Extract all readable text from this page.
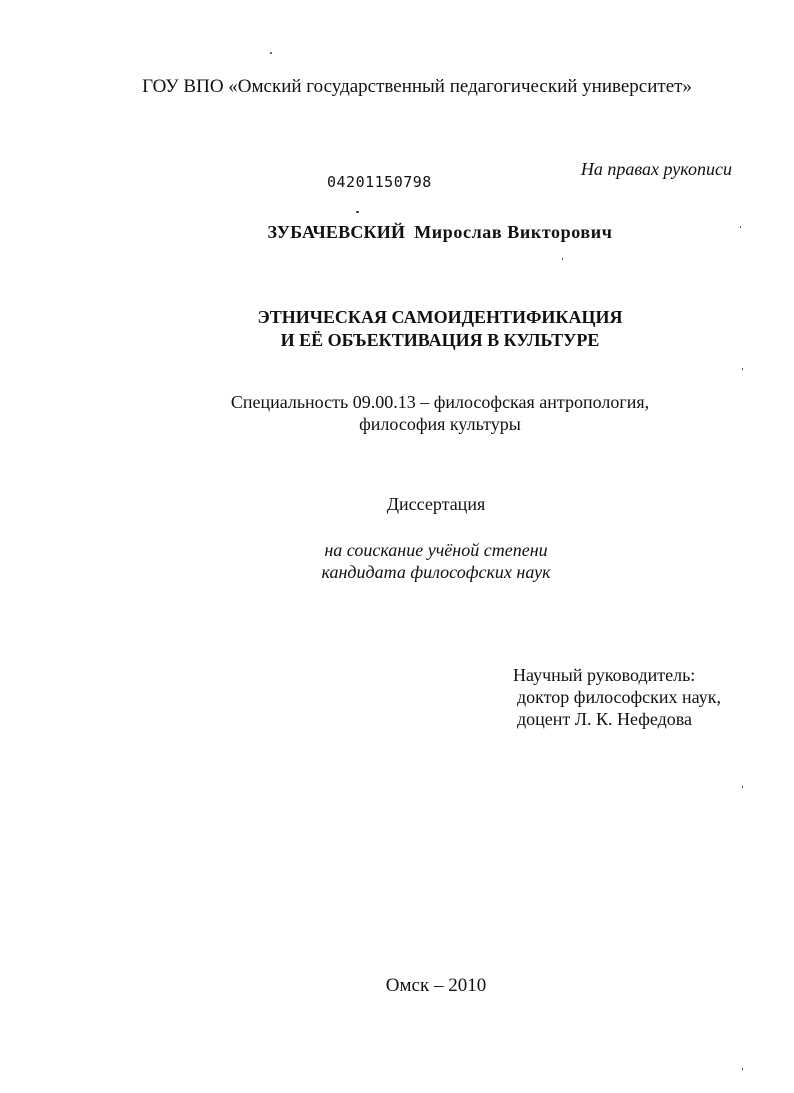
ГОУ ВПО «Омский государственный педагогический университет»
На правах рукописи
04201150798
ЗУБАЧЕВСКИЙ Мирослав Викторович
ЭТНИЧЕСКАЯ САМОИДЕНТИФИКАЦИЯ
И ЕЁ ОБЪЕКТИВАЦИЯ В КУЛЬТУРЕ
Специальность 09.00.13 – философская антропология,
философия культуры
Диссертация
на соискание учёной степени
кандидата философских наук
Научный руководитель:
доктор философских наук,
доцент Л. К. Нефедова
Омск – 2010
